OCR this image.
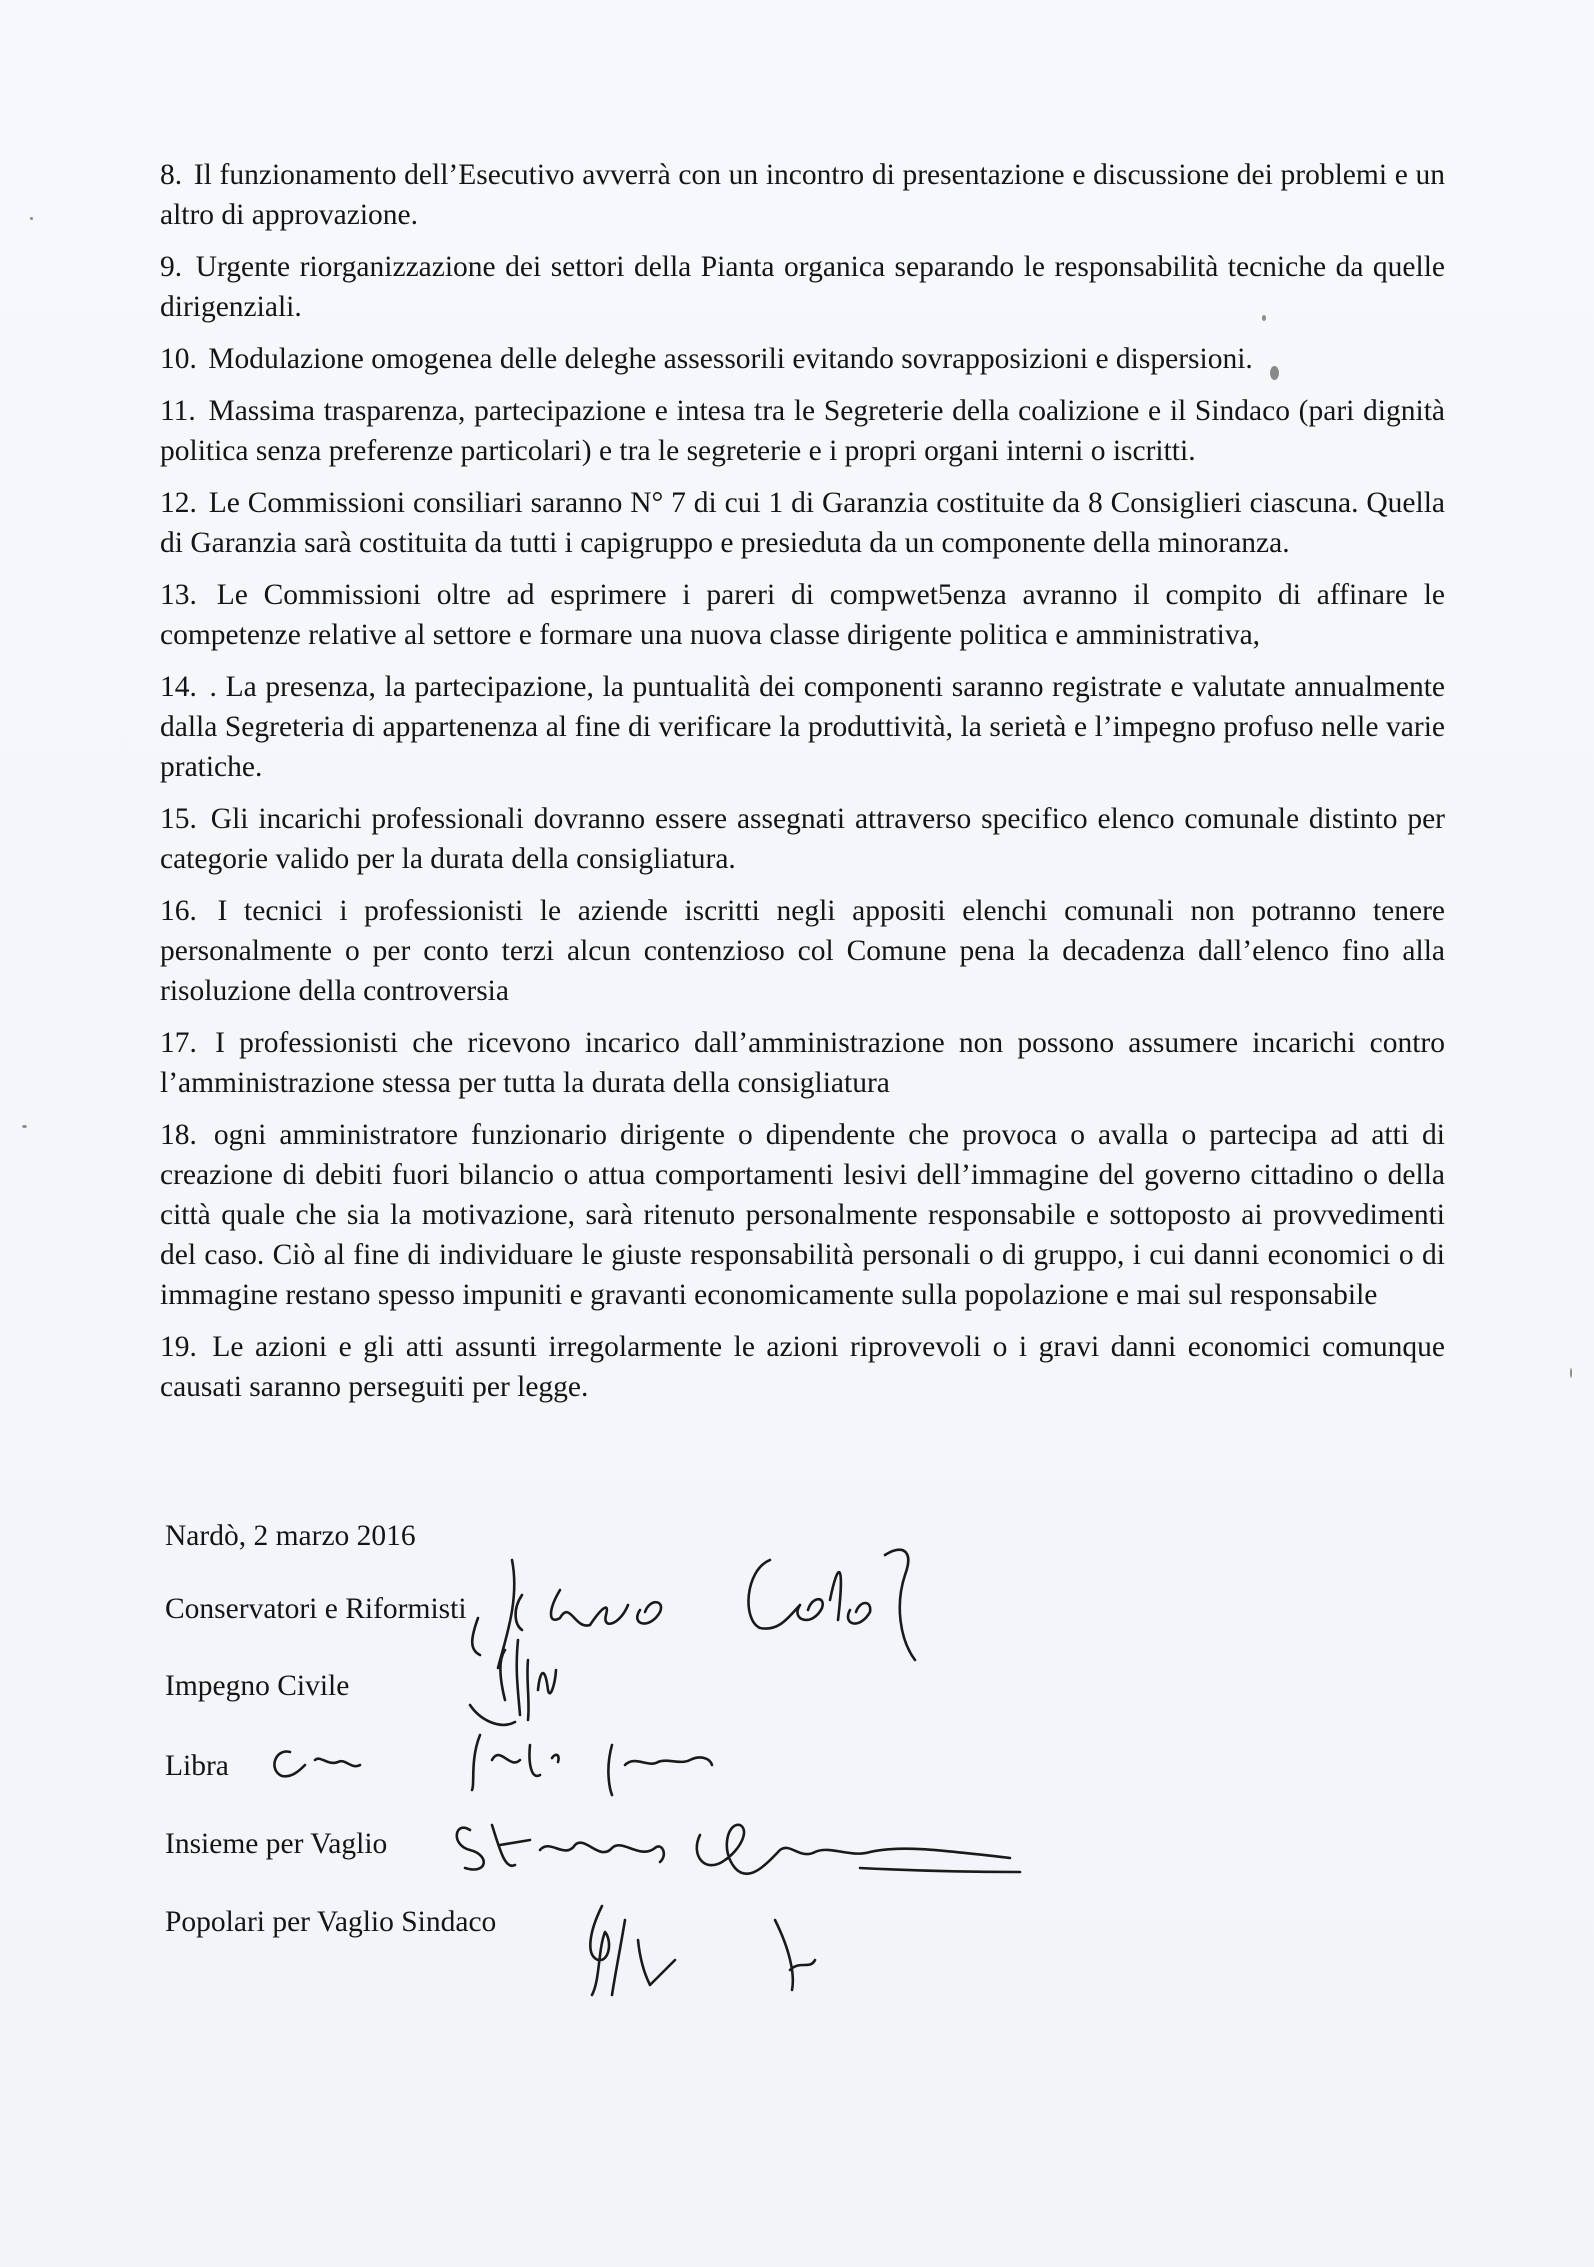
8. Il funzionamento dell’Esecutivo avverrà con un incontro di presentazione e discussione dei problemi e un altro di approvazione.

9. Urgente riorganizzazione dei settori della Pianta organica separando le responsabilità tecniche da quelle dirigenziali.

10. Modulazione omogenea delle deleghe assessorili evitando sovrapposizioni e dispersioni.

11. Massima trasparenza, partecipazione e intesa tra le Segreterie della coalizione e il Sindaco (pari dignità politica senza preferenze particolari) e tra le segreterie e i propri organi interni o iscritti.

12. Le Commissioni consiliari saranno N° 7 di cui 1 di Garanzia costituite da 8 Consiglieri ciascuna. Quella di Garanzia sarà costituita da tutti i capigruppo e presieduta da un componente della minoranza.

13. Le Commissioni oltre ad esprimere i pareri di compwet5enza avranno il compito di affinare le competenze relative al settore e formare una nuova classe dirigente politica e amministrativa,

14. . La presenza, la partecipazione, la puntualità dei componenti saranno registrate e valutate annualmente dalla Segreteria di appartenenza al fine di verificare la produttività, la serietà e l’impegno profuso nelle varie pratiche.

15. Gli incarichi professionali dovranno essere assegnati attraverso specifico elenco comunale distinto per categorie valido per la durata della consigliatura.

16. I tecnici i professionisti le aziende iscritti negli appositi elenchi comunali non potranno tenere personalmente o per conto terzi alcun contenzioso col Comune pena la decadenza dall’elenco fino alla risoluzione della controversia

17. I professionisti che ricevono incarico dall’amministrazione non possono assumere incarichi contro l’amministrazione stessa per tutta la durata della consigliatura

18. ogni amministratore funzionario dirigente o dipendente che provoca o avalla o partecipa ad atti di creazione di debiti fuori bilancio o attua comportamenti lesivi dell’immagine del governo cittadino o della città quale che sia la motivazione, sarà ritenuto personalmente responsabile e sottoposto ai provvedimenti del caso. Ciò al fine di individuare le giuste responsabilità personali o di gruppo, i cui danni economici o di immagine restano spesso impuniti e gravanti economicamente sulla popolazione e mai sul responsabile

19. Le azioni e gli atti assunti irregolarmente le azioni riprovevoli o i gravi danni economici comunque causati saranno perseguiti per legge.

Nardò, 2 marzo 2016
Conservatori e Riformisti
Impegno Civile
Libra
Insieme per Vaglio
Popolari per Vaglio Sindaco
